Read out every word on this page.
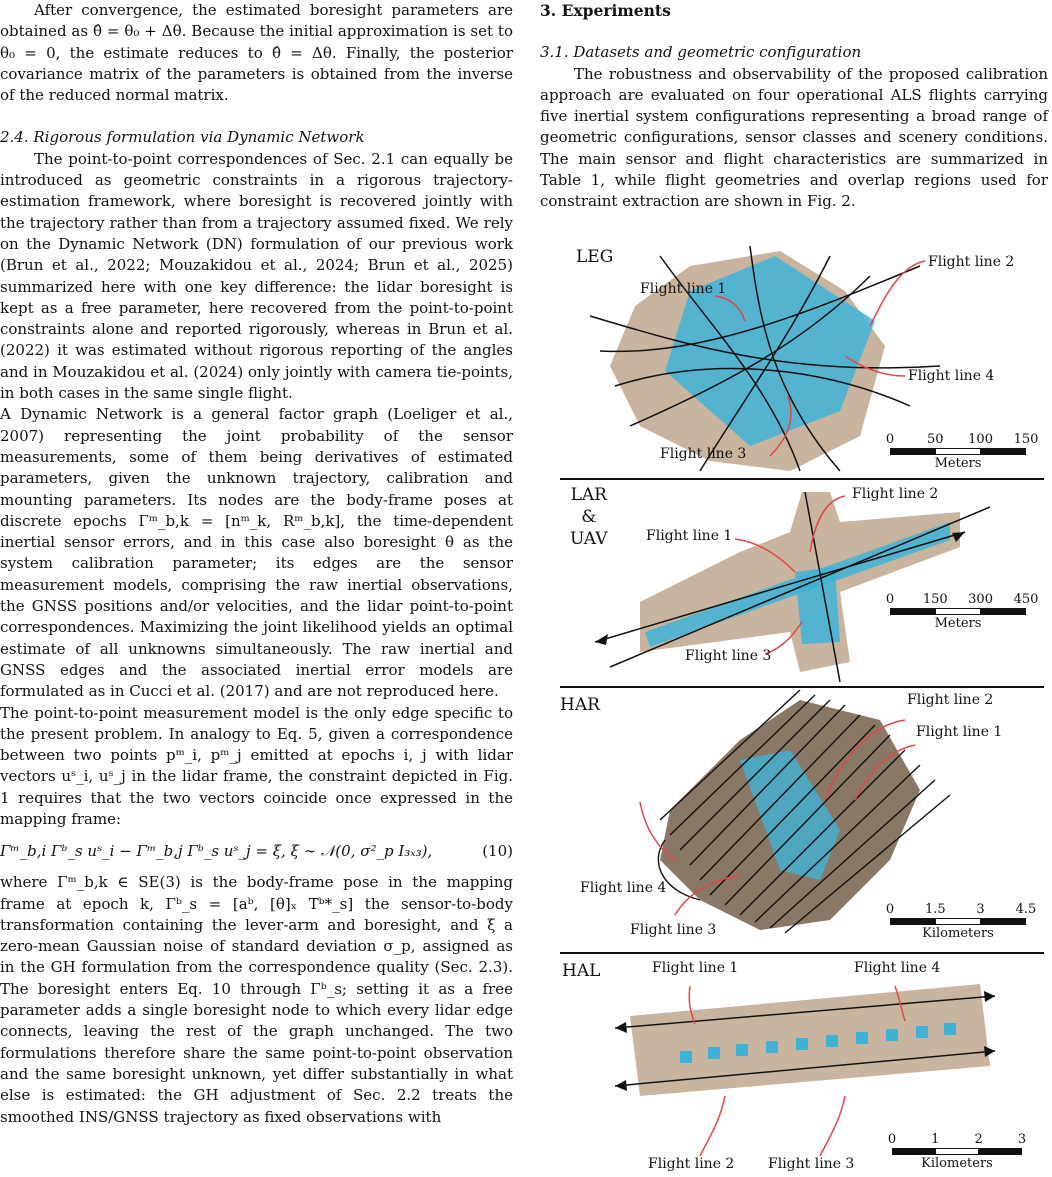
After convergence, the estimated boresight parameters are obtained as θ̂ = θ₀ + Δθ. Because the initial approximation is set to θ₀ = 0, the estimate reduces to θ̂ = Δθ. Finally, the posterior covariance matrix of the parameters is obtained from the inverse of the reduced normal matrix.

2.4. Rigorous formulation via Dynamic Network

The point-to-point correspondences of Sec. 2.1 can equally be introduced as geometric constraints in a rigorous trajectory-estimation framework, where boresight is recovered jointly with the trajectory rather than from a trajectory assumed fixed. We rely on the Dynamic Network (DN) formulation of our previous work (Brun et al., 2022; Mouzakidou et al., 2024; Brun et al., 2025) summarized here with one key difference: the lidar boresight is kept as a free parameter, here recovered from the point-to-point constraints alone and reported rigorously, whereas in Brun et al. (2022) it was estimated without rigorous reporting of the angles and in Mouzakidou et al. (2024) only jointly with camera tie-points, in both cases in the same single flight.

A Dynamic Network is a general factor graph (Loeliger et al., 2007) representing the joint probability of the sensor measurements, some of them being derivatives of estimated parameters, given the unknown trajectory, calibration and mounting parameters. Its nodes are the body-frame poses at discrete epochs Γᵐ_b,k = [nᵐ_k, Rᵐ_b,k], the time-dependent inertial sensor errors, and in this case also boresight θ as the system calibration parameter; its edges are the sensor measurement models, comprising the raw inertial observations, the GNSS positions and/or velocities, and the lidar point-to-point correspondences. Maximizing the joint likelihood yields an optimal estimate of all unknowns simultaneously. The raw inertial and GNSS edges and the associated inertial error models are formulated as in Cucci et al. (2017) and are not reproduced here.

The point-to-point measurement model is the only edge specific to the present problem. In analogy to Eq. 5, given a correspondence between two points pᵐ_i, pᵐ_j emitted at epochs i, j with lidar vectors uˢ_i, uˢ_j in the lidar frame, the constraint depicted in Fig. 1 requires that the two vectors coincide once expressed in the mapping frame:

Γᵐ_b,i Γᵇ_s uˢ_i − Γᵐ_b,j Γᵇ_s uˢ_j = ξ, ξ ∼ 𝒩(0, σ²_p I₃ₓ₃),	(10)

where Γᵐ_b,k ∈ SE(3) is the body-frame pose in the mapping frame at epoch k, Γᵇ_s = [aᵇ, [θ]ₓ Tᵇ*_s] the sensor-to-body transformation containing the lever-arm and boresight, and ξ a zero-mean Gaussian noise of standard deviation σ_p, assigned as in the GH formulation from the correspondence quality (Sec. 2.3). The boresight enters Eq. 10 through Γᵇ_s; setting it as a free parameter adds a single boresight node to which every lidar edge connects, leaving the rest of the graph unchanged. The two formulations therefore share the same point-to-point observation and the same boresight unknown, yet differ substantially in what else is estimated: the GH adjustment of Sec. 2.2 treats the smoothed INS/GNSS trajectory as fixed observations with

3. Experiments

3.1. Datasets and geometric configuration

The robustness and observability of the proposed calibration approach are evaluated on four operational ALS flights carrying five inertial system configurations representing a broad range of geometric configurations, sensor classes and scenery conditions. The main sensor and flight characteristics are summarized in Table 1, while flight geometries and overlap regions used for constraint extraction are shown in Fig. 2.

LEG
Flight line 1
Flight line 2
Flight line 3
Flight line 4
0	50 100 150
Meters
LAR
&
UAV	Flight line 1
Flight line 2
Flight line 3
0 150 300 450
Meters
HAR
Flight line 1
Flight line 2
Flight line 3
Flight line 4
0 1.5 3 4.5
Kilometers
HAL	Flight line 1
Flight line 2 Flight line 3
Flight line 4
0	1	2	3
Kilometers
